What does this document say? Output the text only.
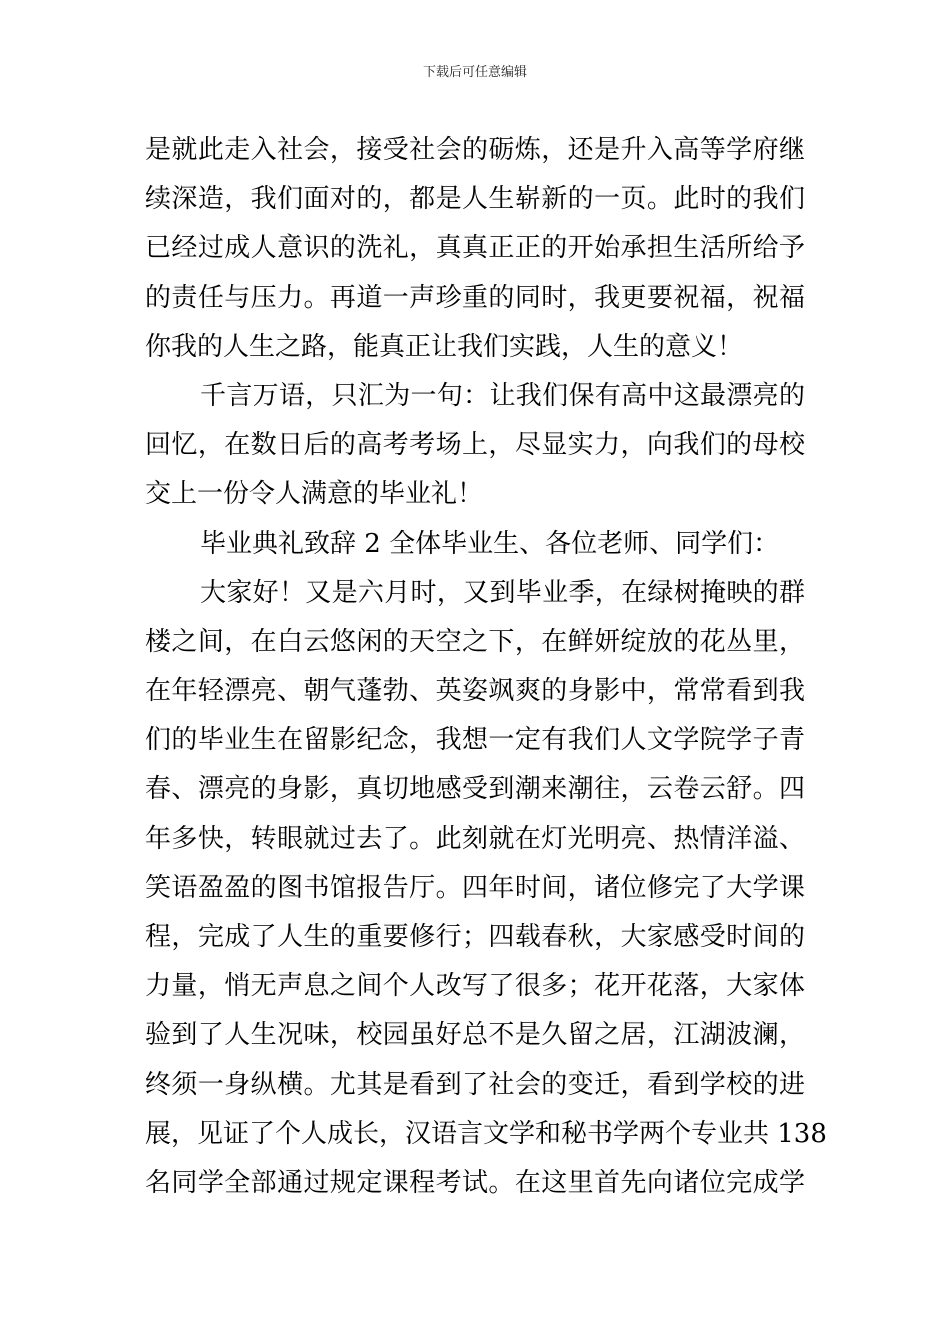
下载后可任意编辑
是就此走入社会，接受社会的砺炼，还是升入高等学府继
续深造，我们面对的，都是人生崭新的一页。此时的我们
已经过成人意识的洗礼，真真正正的开始承担生活所给予
的责任与压力。再道一声珍重的同时，我更要祝福，祝福
你我的人生之路，能真正让我们实践，人生的意义！
千言万语，只汇为一句：让我们保有高中这最漂亮的
回忆，在数日后的高考考场上，尽显实力，向我们的母校
交上一份令人满意的毕业礼！
毕业典礼致辞 2 全体毕业生、各位老师、同学们：
大家好！又是六月时，又到毕业季，在绿树掩映的群
楼之间，在白云悠闲的天空之下，在鲜妍绽放的花丛里，
在年轻漂亮、朝气蓬勃、英姿飒爽的身影中，常常看到我
们的毕业生在留影纪念，我想一定有我们人文学院学子青
春、漂亮的身影，真切地感受到潮来潮往，云卷云舒。四
年多快，转眼就过去了。此刻就在灯光明亮、热情洋溢、
笑语盈盈的图书馆报告厅。四年时间，诸位修完了大学课
程，完成了人生的重要修行；四载春秋，大家感受时间的
力量，悄无声息之间个人改写了很多；花开花落，大家体
验到了人生况味，校园虽好总不是久留之居，江湖波澜，
终须一身纵横。尤其是看到了社会的变迁，看到学校的进
展，见证了个人成长，汉语言文学和秘书学两个专业共 138
名同学全部通过规定课程考试。在这里首先向诸位完成学
